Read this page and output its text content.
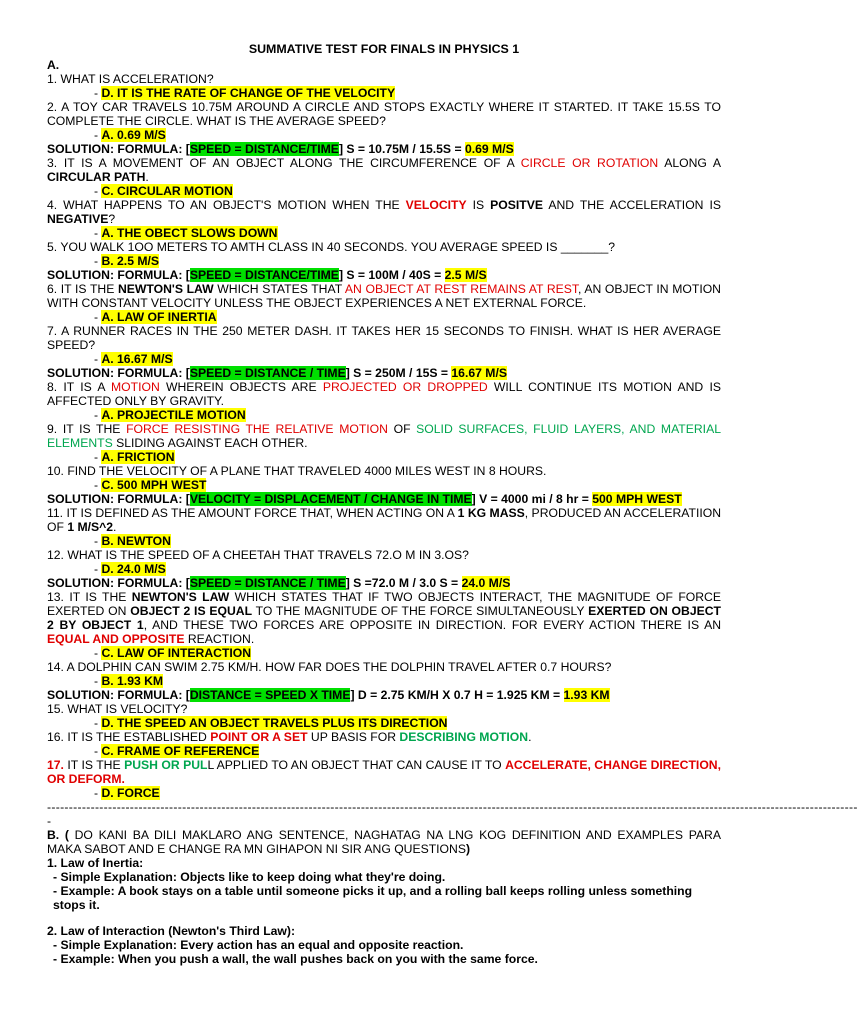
SUMMATIVE TEST FOR FINALS IN PHYSICS 1

A.

1. WHAT IS ACCELERATION?

- D. IT IS THE RATE OF CHANGE OF THE VELOCITY

2. A TOY CAR TRAVELS 10.75M AROUND A CIRCLE AND STOPS EXACTLY WHERE IT STARTED. IT TAKE 15.5S TO COMPLETE THE CIRCLE. WHAT IS THE AVERAGE SPEED?

- A. 0.69 M/S

SOLUTION: FORMULA: [SPEED = DISTANCE/TIME] S = 10.75M / 15.5S = 0.69 M/S

3. IT IS A MOVEMENT OF AN OBJECT ALONG THE CIRCUMFERENCE OF A CIRCLE OR ROTATION ALONG A CIRCULAR PATH.

- C. CIRCULAR MOTION

4. WHAT HAPPENS TO AN OBJECT'S MOTION WHEN THE VELOCITY IS POSITVE AND THE ACCELERATION IS NEGATIVE?

- A. THE OBECT SLOWS DOWN

5. YOU WALK 1OO METERS TO AMTH CLASS IN 40 SECONDS. YOU AVERAGE SPEED IS _______?

- B. 2.5 M/S

SOLUTION: FORMULA: [SPEED = DISTANCE/TIME] S = 100M / 40S = 2.5 M/S

6. IT IS THE NEWTON'S LAW WHICH STATES THAT AN OBJECT AT REST REMAINS AT REST, AN OBJECT IN MOTION WITH CONSTANT VELOCITY UNLESS THE OBJECT EXPERIENCES A NET EXTERNAL FORCE.

- A. LAW OF INERTIA

7. A RUNNER RACES IN THE 250 METER DASH. IT TAKES HER 15 SECONDS TO FINISH. WHAT IS HER AVERAGE SPEED?

- A. 16.67 M/S

SOLUTION: FORMULA: [SPEED = DISTANCE / TIME] S = 250M / 15S = 16.67 M/S

8. IT IS A MOTION WHEREIN OBJECTS ARE PROJECTED OR DROPPED WILL CONTINUE ITS MOTION AND IS AFFECTED ONLY BY GRAVITY.

- A. PROJECTILE MOTION

9. IT IS THE FORCE RESISTING THE RELATIVE MOTION OF SOLID SURFACES, FLUID LAYERS, AND MATERIAL ELEMENTS SLIDING AGAINST EACH OTHER.

- A. FRICTION

10. FIND THE VELOCITY OF A PLANE THAT TRAVELED 4000 MILES WEST IN 8 HOURS.

- C. 500 MPH WEST

SOLUTION: FORMULA: [VELOCITY = DISPLACEMENT / CHANGE IN TIME] V = 4000 mi / 8 hr = 500 MPH WEST

11. IT IS DEFINED AS THE AMOUNT FORCE THAT, WHEN ACTING ON A 1 KG MASS, PRODUCED AN ACCELERATIION OF 1 M/S^2.

- B. NEWTON

12. WHAT IS THE SPEED OF A CHEETAH THAT TRAVELS 72.O M IN 3.OS?

- D. 24.0 M/S

SOLUTION: FORMULA: [SPEED = DISTANCE / TIME] S =72.0 M / 3.0 S = 24.0 M/S

13. IT IS THE NEWTON'S LAW WHICH STATES THAT IF TWO OBJECTS INTERACT, THE MAGNITUDE OF FORCE EXERTED ON OBJECT 2 IS EQUAL TO THE MAGNITUDE OF THE FORCE SIMULTANEOUSLY EXERTED ON OBJECT 2 BY OBJECT 1, AND THESE TWO FORCES ARE OPPOSITE IN DIRECTION. FOR EVERY ACTION THERE IS AN EQUAL AND OPPOSITE REACTION.

- C. LAW OF INTERACTION

14. A DOLPHIN CAN SWIM 2.75 KM/H. HOW FAR DOES THE DOLPHIN TRAVEL AFTER 0.7 HOURS?

- B. 1.93 KM

SOLUTION: FORMULA: [DISTANCE = SPEED X TIME] D = 2.75 KM/H X 0.7 H = 1.925 KM = 1.93 KM

15. WHAT IS VELOCITY?

- D. THE SPEED AN OBJECT TRAVELS PLUS ITS DIRECTION

16. IT IS THE ESTABLISHED POINT OR A SET UP BASIS FOR DESCRIBING MOTION.

- C. FRAME OF REFERENCE

17. IT IS THE PUSH OR PULL APPLIED TO AN OBJECT THAT CAN CAUSE IT TO ACCELERATE, CHANGE DIRECTION, OR DEFORM.

- D. FORCE

------------------------------------------------------------------------------------------------------------------------------------------------------------------------------------------

-

B. ( DO KANI BA DILI MAKLARO ANG SENTENCE, NAGHATAG NA LNG KOG DEFINITION AND EXAMPLES PARA MAKA SABOT AND E CHANGE RA MN GIHAPON NI SIR ANG QUESTIONS)

1. Law of Inertia:

- Simple Explanation: Objects like to keep doing what they're doing.

- Example: A book stays on a table until someone picks it up, and a rolling ball keeps rolling unless something stops it.

2. Law of Interaction (Newton's Third Law):

- Simple Explanation: Every action has an equal and opposite reaction.

- Example: When you push a wall, the wall pushes back on you with the same force.
